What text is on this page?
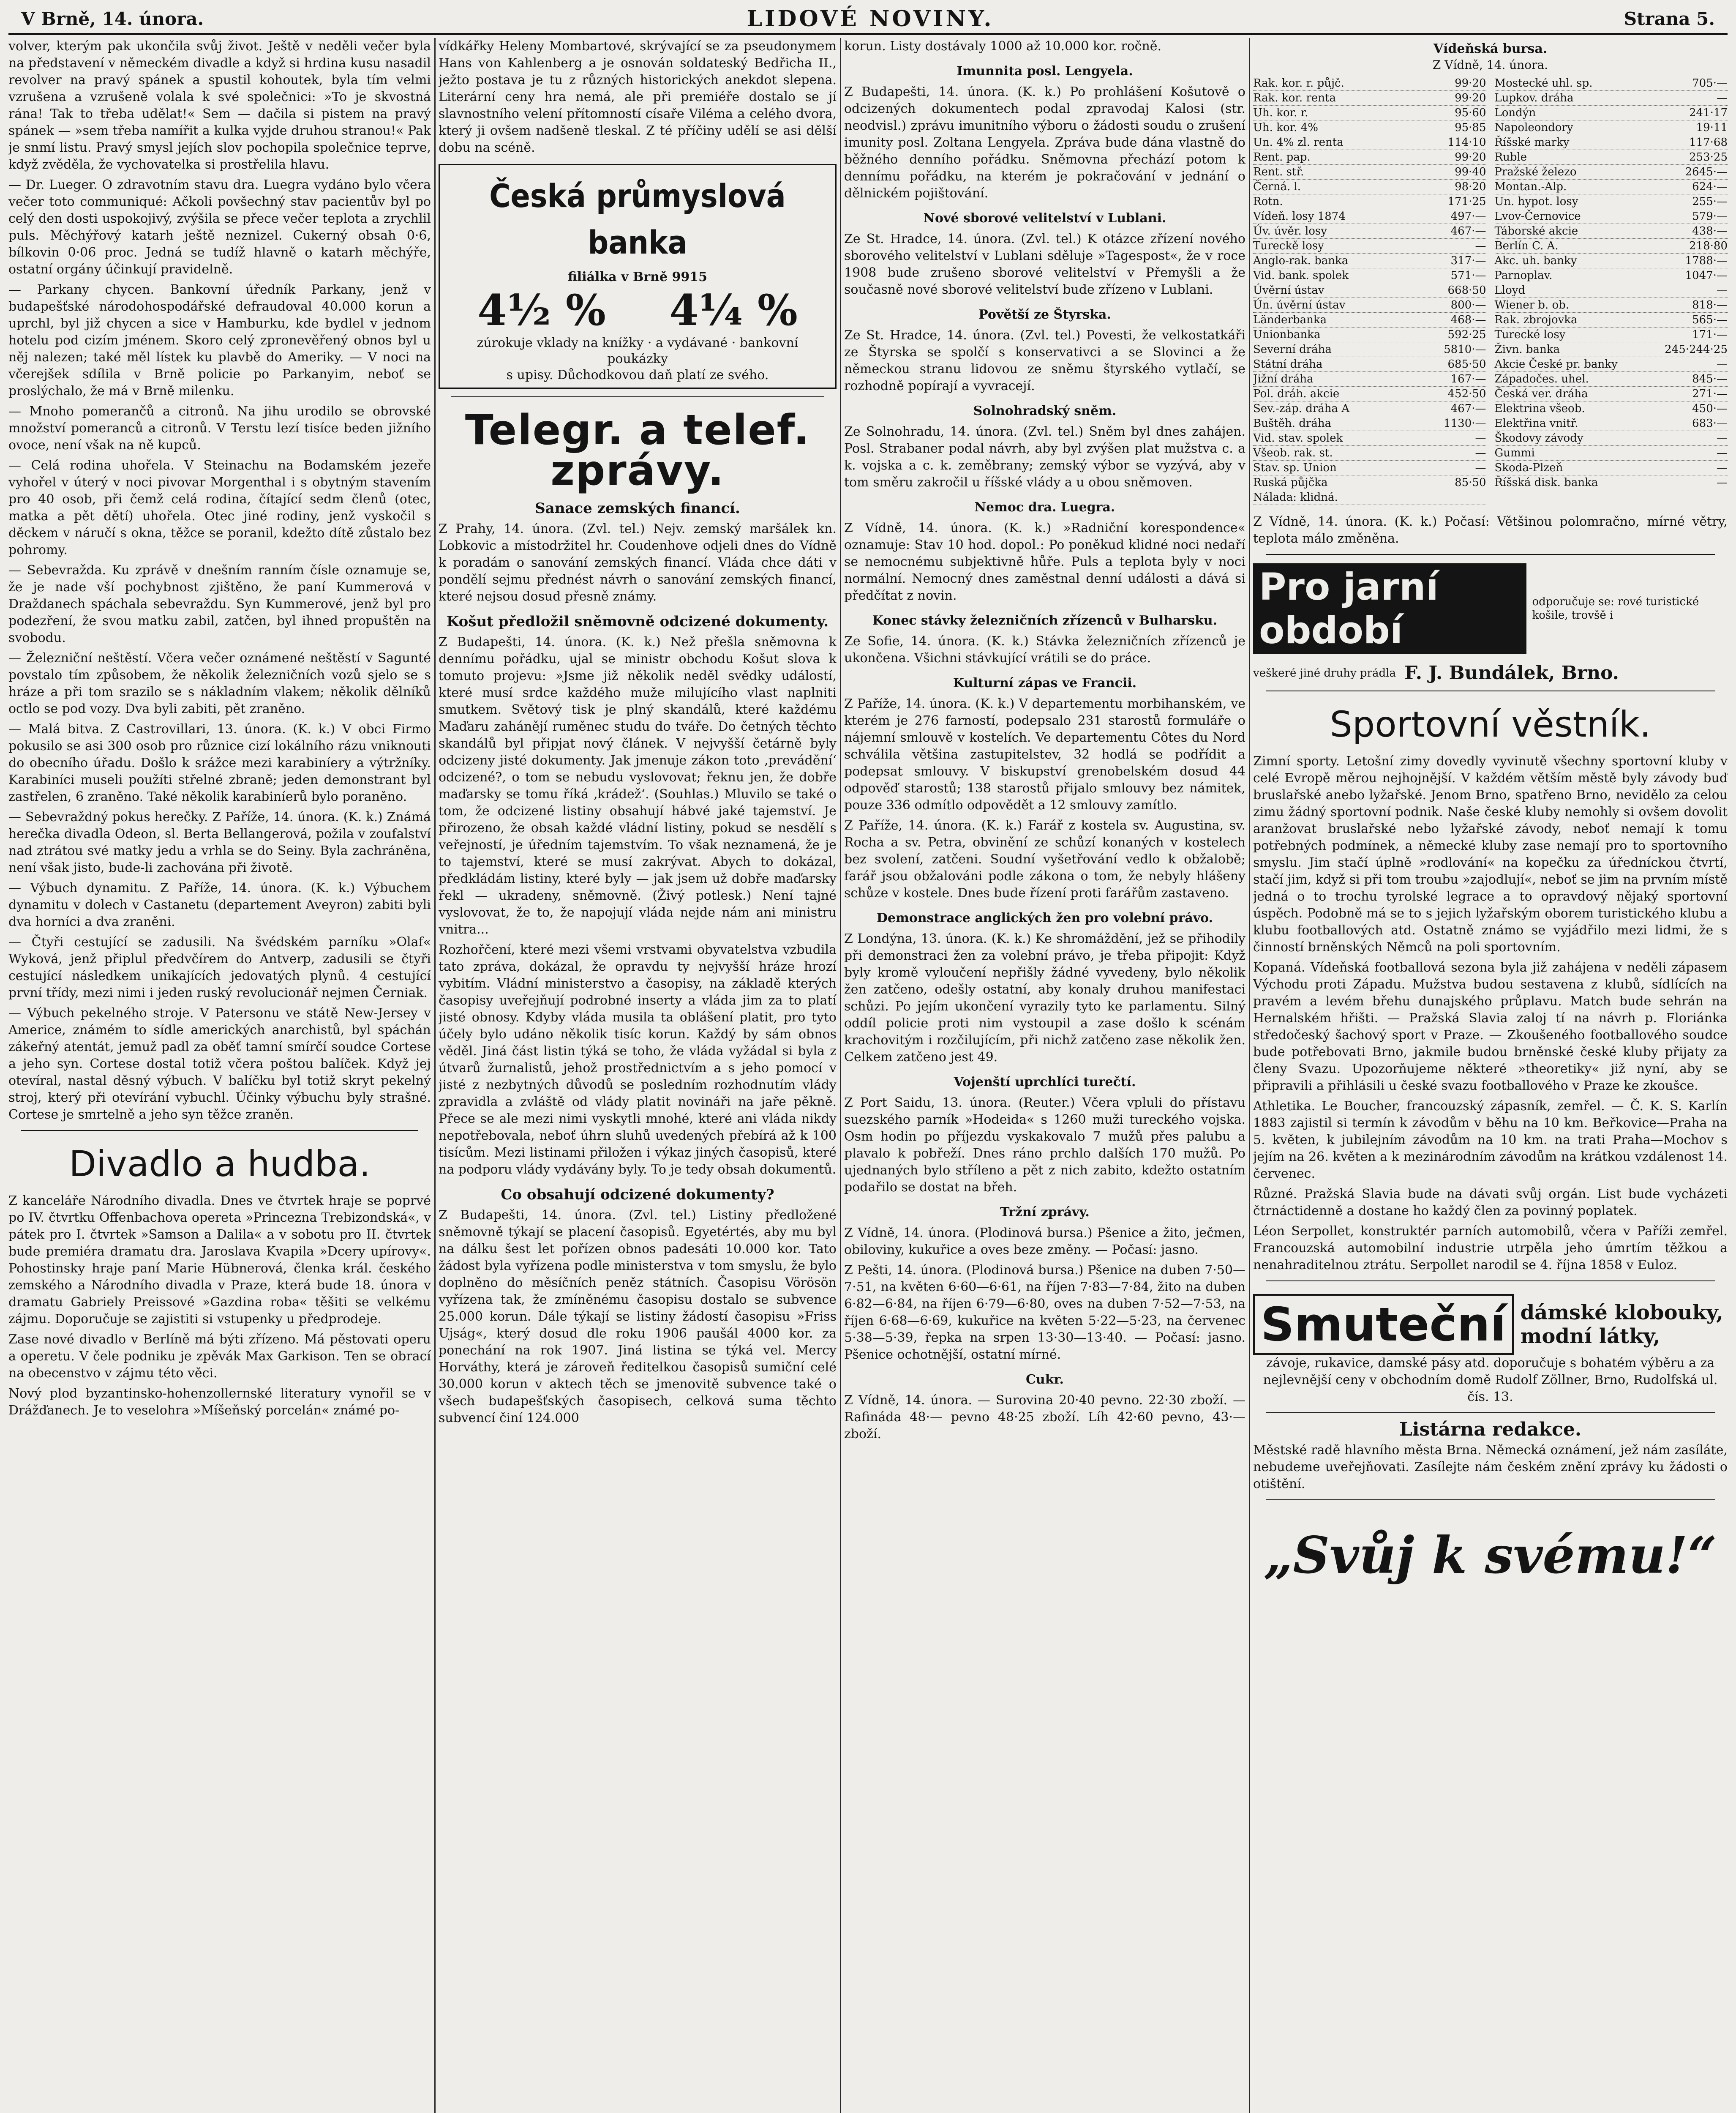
V Brně, 14. února.	LIDOVÉ NOVINY.	Strana 5.

volver, kterým pak ukončila svůj život. Ještě v neděli večer byla na představení v německém divadle a když si hrdina kusu nasadil revolver na pravý spánek a spustil kohoutek, byla tím velmi vzrušena a vzrušeně volala k své společnici: »To je skvostná rána! Tak to třeba udělat!« Sem — dačila si pistem na pravý spánek — »sem třeba namířit a kulka vyjde druhou stranou!« Pak je snmí listu. Pravý smysl jejích slov pochopila společnice teprve, když zvěděla, že vychovatelka si prostřelila hlavu.

— Dr. Lueger. O zdravotním stavu dra. Luegra vydáno bylo včera večer toto communiqué: Ačkoli povšechný stav pacientův byl po celý den dosti uspokojivý, zvýšila se přece večer teplota a zrychlil puls. Měchýřový katarh ještě neznizel. Cukerný obsah 0·6, bílkovin 0·06 proc. Jedná se tudíž hlavně o katarh měchýře, ostatní orgány účinkují pravidelně.

— Parkany chycen. Bankovní úředník Parkany, jenž v budapešťské národohospodářské defraudoval 40.000 korun a uprchl, byl již chycen a sice v Hamburku, kde bydlel v jednom hotelu pod cizím jménem. Skoro celý zpronevěřený obnos byl u něj nalezen; také měl lístek ku plavbě do Ameriky. — V noci na včerejšek sdílila v Brně policie po Parkanyim, neboť se proslýchalo, že má v Brně milenku.

— Mnoho pomerančů a citronů. Na jihu urodilo se obrovské množství pomeranců a citronů. V Terstu lezí tisíce beden jižního ovoce, není však na ně kupců.

— Celá rodina uhořela. V Steinachu na Bodamském jezeře vyhořel v úterý v noci pivovar Morgenthal i s obytným stavením pro 40 osob, při čemž celá rodina, čítající sedm členů (otec, matka a pět dětí) uhořela. Otec jiné rodiny, jenž vyskočil s děckem v náručí s okna, těžce se poranil, kdežto dítě zůstalo bez pohromy.

— Sebevražda. Ku zprávě v dnešním ranním čísle oznamuje se, že je nade vší pochybnost zjištěno, že paní Kummerová v Draždanech spáchala sebevraždu. Syn Kummerové, jenž byl pro podezření, že svou matku zabil, zatčen, byl ihned propuštěn na svobodu.

— Železniční neštěstí. Včera večer oznámené neštěstí v Sagunté povstalo tím způsobem, že několik železničních vozů sjelo se s hráze a při tom srazilo se s nákladním vlakem; několik dělníků octlo se pod vozy. Dva byli zabiti, pět zraněno.

— Malá bitva. Z Castrovillari, 13. února. (K. k.) V obci Firmo pokusilo se asi 300 osob pro různice cizí lokálního rázu vniknouti do obecního úřadu. Došlo k srážce mezi karabiníery a výtržníky. Karabiníci museli použíti střelné zbraně; jeden demonstrant byl zastřelen, 6 zraněno. Také několik karabiníerů bylo poraněno.

— Sebevraždný pokus herečky. Z Paříže, 14. února. (K. k.) Známá herečka divadla Odeon, sl. Berta Bellangerová, požila v zoufalství nad ztrátou své matky jedu a vrhla se do Seiny. Byla zachráněna, není však jisto, bude-li zachována při životě.

— Výbuch dynamitu. Z Paříže, 14. února. (K. k.) Výbuchem dynamitu v dolech v Castanetu (departement Aveyron) zabiti byli dva horníci a dva zraněni.

— Čtyři cestující se zadusili. Na švédském parníku »Olaf« Wyková, jenž připlul předvčírem do Antverp, zadusili se čtyři cestující následkem unikajících jedovatých plynů. 4 cestující první třídy, mezi nimi i jeden ruský revolucionář nejmen Černiak.

— Výbuch pekelného stroje. V Patersonu ve státě New-Jersey v Americe, známém to sídle amerických anarchistů, byl spáchán zákeřný atentát, jemuž padl za oběť tamní smírčí soudce Cortese a jeho syn. Cortese dostal totiž včera poštou balíček. Když jej otevíral, nastal děsný výbuch. V balíčku byl totiž skryt pekelný stroj, který při otevírání vybuchl. Účinky výbuchu byly strašné. Cortese je smrtelně a jeho syn těžce zraněn.

Divadlo a hudba.

Z kanceláře Národního divadla. Dnes ve čtvrtek hraje se poprvé po IV. čtvrtku Offenbachova opereta »Princezna Trebizondská«, v pátek pro I. čtvrtek »Samson a Dalila« a v sobotu pro II. čtvrtek bude premiéra dramatu dra. Jaroslava Kvapila »Dcery upírovy«. Pohostinsky hraje paní Marie Hübnerová, členka král. českého zemského a Národního divadla v Praze, která bude 18. února v dramatu Gabriely Preissové »Gazdina roba« těšiti se velkému zájmu. Doporučuje se zajistiti si vstupenky u předprodeje.

Zase nové divadlo v Berlíně má býti zřízeno. Má pěstovati operu a operetu. V čele podniku je zpěvák Max Garkison. Ten se obrací na obecenstvo v zájmu této věci.

Nový plod byzantinsko-hohenzollernské literatury vynořil se v Drážďanech. Je to veselohra »Míšeňský porcelán« známé po-

vídkářky Heleny Mombartové, skrývající se za pseudonymem Hans von Kahlenberg a je osnován soldateský Bedřicha II., ježto postava je tu z různých historických anekdot slepena. Literární ceny hra nemá, ale při premiéře dostalo se jí slavnostního velení přítomností císaře Viléma a celého dvora, který ji ovšem nadšeně tleskal. Z té příčiny udělí se asi dělší dobu na scéně.

Česká průmyslová banka
filiálka v Brně 9915
4½ % 4¼ %
zúrokuje vklady na knížky · a vydávané · bankovní poukázky
s upisy. Důchodkovou daň platí ze svého.
Telegr. a telef. zprávy.
Sanace zemských financí.

Z Prahy, 14. února. (Zvl. tel.) Nejv. zemský maršálek kn. Lobkovic a místodržitel hr. Coudenhove odjeli dnes do Vídně k poradám o sanování zemských financí. Vláda chce dáti v pondělí sejmu přednést návrh o sanování zemských financí, které nejsou dosud přesně známy.

Košut předložil sněmovně odcizené dokumenty.

Z Budapešti, 14. února. (K. k.) Než přešla sněmovna k dennímu pořádku, ujal se ministr obchodu Košut slova k tomuto projevu: »Jsme již několik neděl svědky událostí, které musí srdce každého muže milujícího vlast naplniti smutkem. Světový tisk je plný skandálů, které každému Maďaru zahánějí ruměnec studu do tváře. Do četných těchto skandálů byl připjat nový článek. V nejvyšší četárně byly odcizeny jisté dokumenty. Jak jmenuje zákon toto ‚prevádění‘ odcizené?, o tom se nebudu vyslovovat; řeknu jen, že dobře maďarsky se tomu říká ‚krádež‘. (Souhlas.) Mluvilo se také o tom, že odcizené listiny obsahují hábvé jaké tajemství. Je přirozeno, že obsah každé vládní listiny, pokud se nesdělí s veřejností, je úředním tajemstvím. To však neznamená, že je to tajemství, které se musí zakrývat. Abych to dokázal, předkládám listiny, které byly — jak jsem už dobře maďarsky řekl — ukradeny, sněmovně. (Živý potlesk.) Není tajné vyslovovat, že to, že napojují vláda nejde nám ani ministru vnitra...

Rozhořčení, které mezi všemi vrstvami obyvatelstva vzbudila tato zpráva, dokázal, že opravdu ty nejvyšší hráze hrozí vybitím. Vládní ministerstvo a časopisy, na základě kterých časopisy uveřejňují podrobné inserty a vláda jim za to platí jisté obnosy. Kdyby vláda musila ta oblášení platit, pro tyto účely bylo udáno několik tisíc korun. Každý by sám obnos věděl. Jiná část listin týká se toho, že vláda vyžádal si byla z útvarů žurnalistů, jehož prostřednictvím a s jeho pomocí v jisté z nezbytných důvodů se posledním rozhodnutím vlády zpravidla a zvláště od vlády platit novináři na jaře pěkně. Přece se ale mezi nimi vyskytli mnohé, které ani vláda nikdy nepotřebovala, neboť úhrn sluhů uvedených přebírá až k 100 tisícům. Mezi listinami přiložen i výkaz jiných časopisů, které na podporu vlády vydávány byly. To je tedy obsah dokumentů.

Co obsahují odcizené dokumenty?

Z Budapešti, 14. února. (Zvl. tel.) Listiny předložené sněmovně týkají se placení časopisů. Egyetértés, aby mu byl na dálku šest let pořízen obnos padesáti 10.000 kor. Tato žádost byla vyřízena podle ministerstva v tom smyslu, že bylo doplněno do měsíčních peněz státních. Časopisu Vörösön vyřízena tak, že zmíněnému časopisu dostalo se subvence 25.000 korun. Dále týkají se listiny žádostí časopisu »Friss Ujság«, který dosud dle roku 1906 paušál 4000 kor. za ponechání na rok 1907. Jiná listina se týká vel. Mercy Horváthy, která je zároveň ředitelkou časopisů sumiční celé 30.000 korun v aktech těch se jmenovitě subvence také o všech budapešťských časopisech, celková suma těchto subvencí činí 124.000

korun. Listy dostávaly 1000 až 10.000 kor. ročně.

Imunnita posl. Lengyela.

Z Budapešti, 14. února. (K. k.) Po prohlášení Košutově o odcizených dokumentech podal zpravodaj Kalosi (str. neodvisl.) zprávu imunitního výboru o žádosti soudu o zrušení imunity posl. Zoltana Lengyela. Zpráva bude dána vlastně do běžného denního pořádku. Sněmovna přechází potom k dennímu pořádku, na kterém je pokračování v jednání o dělnickém pojištování.

Nové sborové velitelství v Lublani.

Ze St. Hradce, 14. února. (Zvl. tel.) K otázce zřízení nového sborového velitelství v Lublani sděluje »Tagespost«, že v roce 1908 bude zrušeno sborové velitelství v Přemyšli a že současně nové sborové velitelství bude zřízeno v Lublani.

Povětší ze Štyrska.

Ze St. Hradce, 14. února. (Zvl. tel.) Povesti, že velkostatkáři ze Štyrska se spolčí s konservativci a se Slovinci a že německou stranu lidovou ze sněmu štyrského vytlačí, se rozhodně popírají a vyvracejí.

Solnohradský sněm.

Ze Solnohradu, 14. února. (Zvl. tel.) Sněm byl dnes zahájen. Posl. Strabaner podal návrh, aby byl zvýšen plat mužstva c. a k. vojska a c. k. zeměbrany; zemský výbor se vyzývá, aby v tom směru zakročil u říšské vlády a u obou sněmoven.

Nemoc dra. Luegra.

Z Vídně, 14. února. (K. k.) »Radniční korespondence« oznamuje: Stav 10 hod. dopol.: Po poněkud klidné noci nedaří se nemocnému subjektivně hůře. Puls a teplota byly v noci normální. Nemocný dnes zaměstnal denní události a dává si předčítat z novin.

Konec stávky železničních zřízenců v Bulharsku.

Ze Sofie, 14. února. (K. k.) Stávka železničních zřízenců je ukončena. Všichni stávkující vrátili se do práce.

Kulturní zápas ve Francii.

Z Paříže, 14. února. (K. k.) V departementu morbihanském, ve kterém je 276 farností, podepsalo 231 starostů formuláře o nájemní smlouvě v kostelích. Ve departementu Côtes du Nord schválila většina zastupitelstev, 32 hodlá se podřídit a podepsat smlouvy. V biskupství grenobelském dosud 44 odpověď starostů; 138 starostů přijalo smlouvy bez námitek, pouze 336 odmítlo odpovědět a 12 smlouvy zamítlo.

Z Paříže, 14. února. (K. k.) Farář z kostela sv. Augustina, sv. Rocha a sv. Petra, obvinění ze schůzí konaných v kostelech bez svolení, zatčeni. Soudní vyšetřování vedlo k obžalobě; farář jsou obžalováni podle zákona o tom, že nebyly hlášeny schůze v kostele. Dnes bude řízení proti farářům zastaveno.

Demonstrace anglických žen pro volební právo.

Z Londýna, 13. února. (K. k.) Ke shromáždění, jež se přihodily při demonstraci žen za volební právo, je třeba připojit: Když byly kromě vyloučení nepřišly žádné vyvedeny, bylo několik žen zatčeno, odešly ostatní, aby konaly druhou manifestaci schůzi. Po jejím ukončení vyrazily tyto ke parlamentu. Silný oddíl policie proti nim vystoupil a zase došlo k scénám krachovitým i rozčilujícím, při nichž zatčeno zase několik žen. Celkem zatčeno jest 49.

Vojenští uprchlíci turečtí.

Z Port Saidu, 13. února. (Reuter.) Včera vpluli do přístavu suezského parník »Hodeida« s 1260 muži tureckého vojska. Osm hodin po příjezdu vyskakovalo 7 mužů přes palubu a plavalo k pobřeží. Dnes ráno prchlo dalších 170 mužů. Po ujednaných bylo stříleno a pět z nich zabito, kdežto ostatním podařilo se dostat na břeh.

Tržní zprávy.

Z Vídně, 14. února. (Plodinová bursa.) Pšenice a žito, ječmen, obiloviny, kukuřice a oves beze změny. — Počasí: jasno.

Z Pešti, 14. února. (Plodinová bursa.) Pšenice na duben 7·50—7·51, na květen 6·60—6·61, na říjen 7·83—7·84, žito na duben 6·82—6·84, na říjen 6·79—6·80, oves na duben 7·52—7·53, na říjen 6·68—6·69, kukuřice na květen 5·22—5·23, na červenec 5·38—5·39, řepka na srpen 13·30—13·40. — Počasí: jasno. Pšenice ochotnější, ostatní mírné.

Cukr.

Z Vídně, 14. února. — Surovina 20·40 pevno. 22·30 zboží. — Rafináda 48·— pevno 48·25 zboží. Líh 42·60 pevno, 43·— zboží.

Vídeňská bursa.
Z Vídně, 14. února.
Rak. kor. r. půjč.	99·20
Rak. kor. renta	99·20
Uh. kor. r.	95·60
Uh. kor. 4%	95·85
Un. 4% zl. renta	114·10
Rent. pap.	99·20
Rent. stř.	99·40
Černá. l.	98·20
Rotn.	171·25
Vídeň. losy 1874	497·—
Úv. úvěr. losy	467·—
Tureckě losy	—
Anglo-rak. banka	317·—
Vid. bank. spolek	571·—
Úvěrní ústav	668·50
Ún. úvěrní ústav	800·—
Länderbanka	468·—
Unionbanka	592·25
Severní dráha	5810·—
Státní dráha	685·50
Jižní dráha	167·—
Pol. dráh. akcie	452·50
Sev.-záp. dráha A	467·—
Buštěh. dráha	1130·—
Vid. stav. spolek	—
Všeob. rak. st.	—
Stav. sp. Union	—
Ruská půjčka	85·50
Nálada: klidná.
Mostecké uhl. sp.	705·—
Lupkov. dráha	—
Londýn	241·17
Napoleondory	19·11
Říšské marky	117·68
Ruble	253·25
Pražské železo	2645·—
Montan.-Alp.	624·—
Un. hypot. losy	255·—
Lvov-Černovice	579·—
Táborské akcie	438·—
Berlín C. A.	218·80
Akc. uh. banky	1788·—
Parnoplav.	1047·—
Lloyd	—
Wiener b. ob.	818·—
Rak. zbrojovka	565·—
Turecké losy	171·—
Živn. banka	245·244·25
Akcie České pr. banky	—
Západočes. uhel.	845·—
Česká ver. dráha	271·—
Elektrina všeob.	450·—
Elektřina vnitř.	683·—
Škodovy závody	—
Gummi	—
Skoda-Plzeň	—
Říšská disk. banka	—

Z Vídně, 14. února. (K. k.) Počasí: Většinou polomračno, mírné větry, teplota málo změněna.

Pro jarní období
odporučuje se: rové turistické košile, trovšě i
veškeré jiné druhy prádla F. J. Bundálek, Brno.
Sportovní věstník.

Zimní sporty. Letošní zimy dovedly vyvinutě všechny sportovní kluby v celé Evropě měrou nejhojnější. V každém větším městě byly závody buď bruslařské anebo lyžařské. Jenom Brno, spatřeno Brno, nevidělo za celou zimu žádný sportovní podnik. Naše české kluby nemohly si ovšem dovolit aranžovat bruslařské nebo lyžařské závody, neboť nemají k tomu potřebných podmínek, a německé kluby zase nemají pro to sportovního smyslu. Jim stačí úplně »rodlování« na kopečku za úředníckou čtvrtí, stačí jim, když si při tom troubu »zajodlují«, neboť se jim na prvním místě jedná o to trochu tyrolské legrace a to opravdový nějaký sportovní úspěch. Podobně má se to s jejich lyžařským oborem turistického klubu a klubu footballových atd. Ostatně známo se vyjádřilo mezi lidmi, že s činností brněnských Němců na poli sportovním.

Kopaná. Vídeňská footballová sezona byla již zahájena v neděli zápasem Východu proti Západu. Mužstva budou sestavena z klubů, sídlících na pravém a levém břehu dunajského průplavu. Match bude sehrán na Hernalském hřišti. — Pražská Slavia zaloj tí na návrh p. Floriánka středočeský šachový sport v Praze. — Zkoušeného footballového soudce bude potřebovati Brno, jakmile budou brněnské české kluby přijaty za členy Svazu. Upozorňujeme některé »theoretiky« již nyní, aby se připravili a přihlásili u české svazu footballového v Praze ke zkoušce.

Athletika. Le Boucher, francouzský zápasník, zemřel. — Č. K. S. Karlín 1883 zajistil si termín k závodům v běhu na 10 km. Beřkovice—Praha na 5. květen, k jubilejním závodům na 10 km. na trati Praha—Mochov s jejím na 26. květen a k mezinárodním závodům na krátkou vzdálenost 14. červenec.

Různé. Pražská Slavia bude na dávati svůj orgán. List bude vycházeti čtrnáctidenně a dostane ho každý člen za povinný poplatek.

Léon Serpollet, konstruktér parních automobilů, včera v Paříži zemřel. Francouzská automobilní industrie utrpěla jeho úmrtím těžkou a nenahraditelnou ztrátu. Serpollet narodil se 4. října 1858 v Euloz.

Smuteční dámské klobouky,
modní látky,
závoje, rukavice, damské pásy atd. doporučuje s bohatém výběru a za nejlevnější ceny v obchodním domě Rudolf Zöllner, Brno, Rudolfská ul. čís. 13.
Listárna redakce.

Městské radě hlavního města Brna. Německá oznámení, jež nám zasíláte, nebudeme uveřejňovati. Zasílejte nám českém znění zprávy ku žádosti o otištění.

„Svůj k svému!“
